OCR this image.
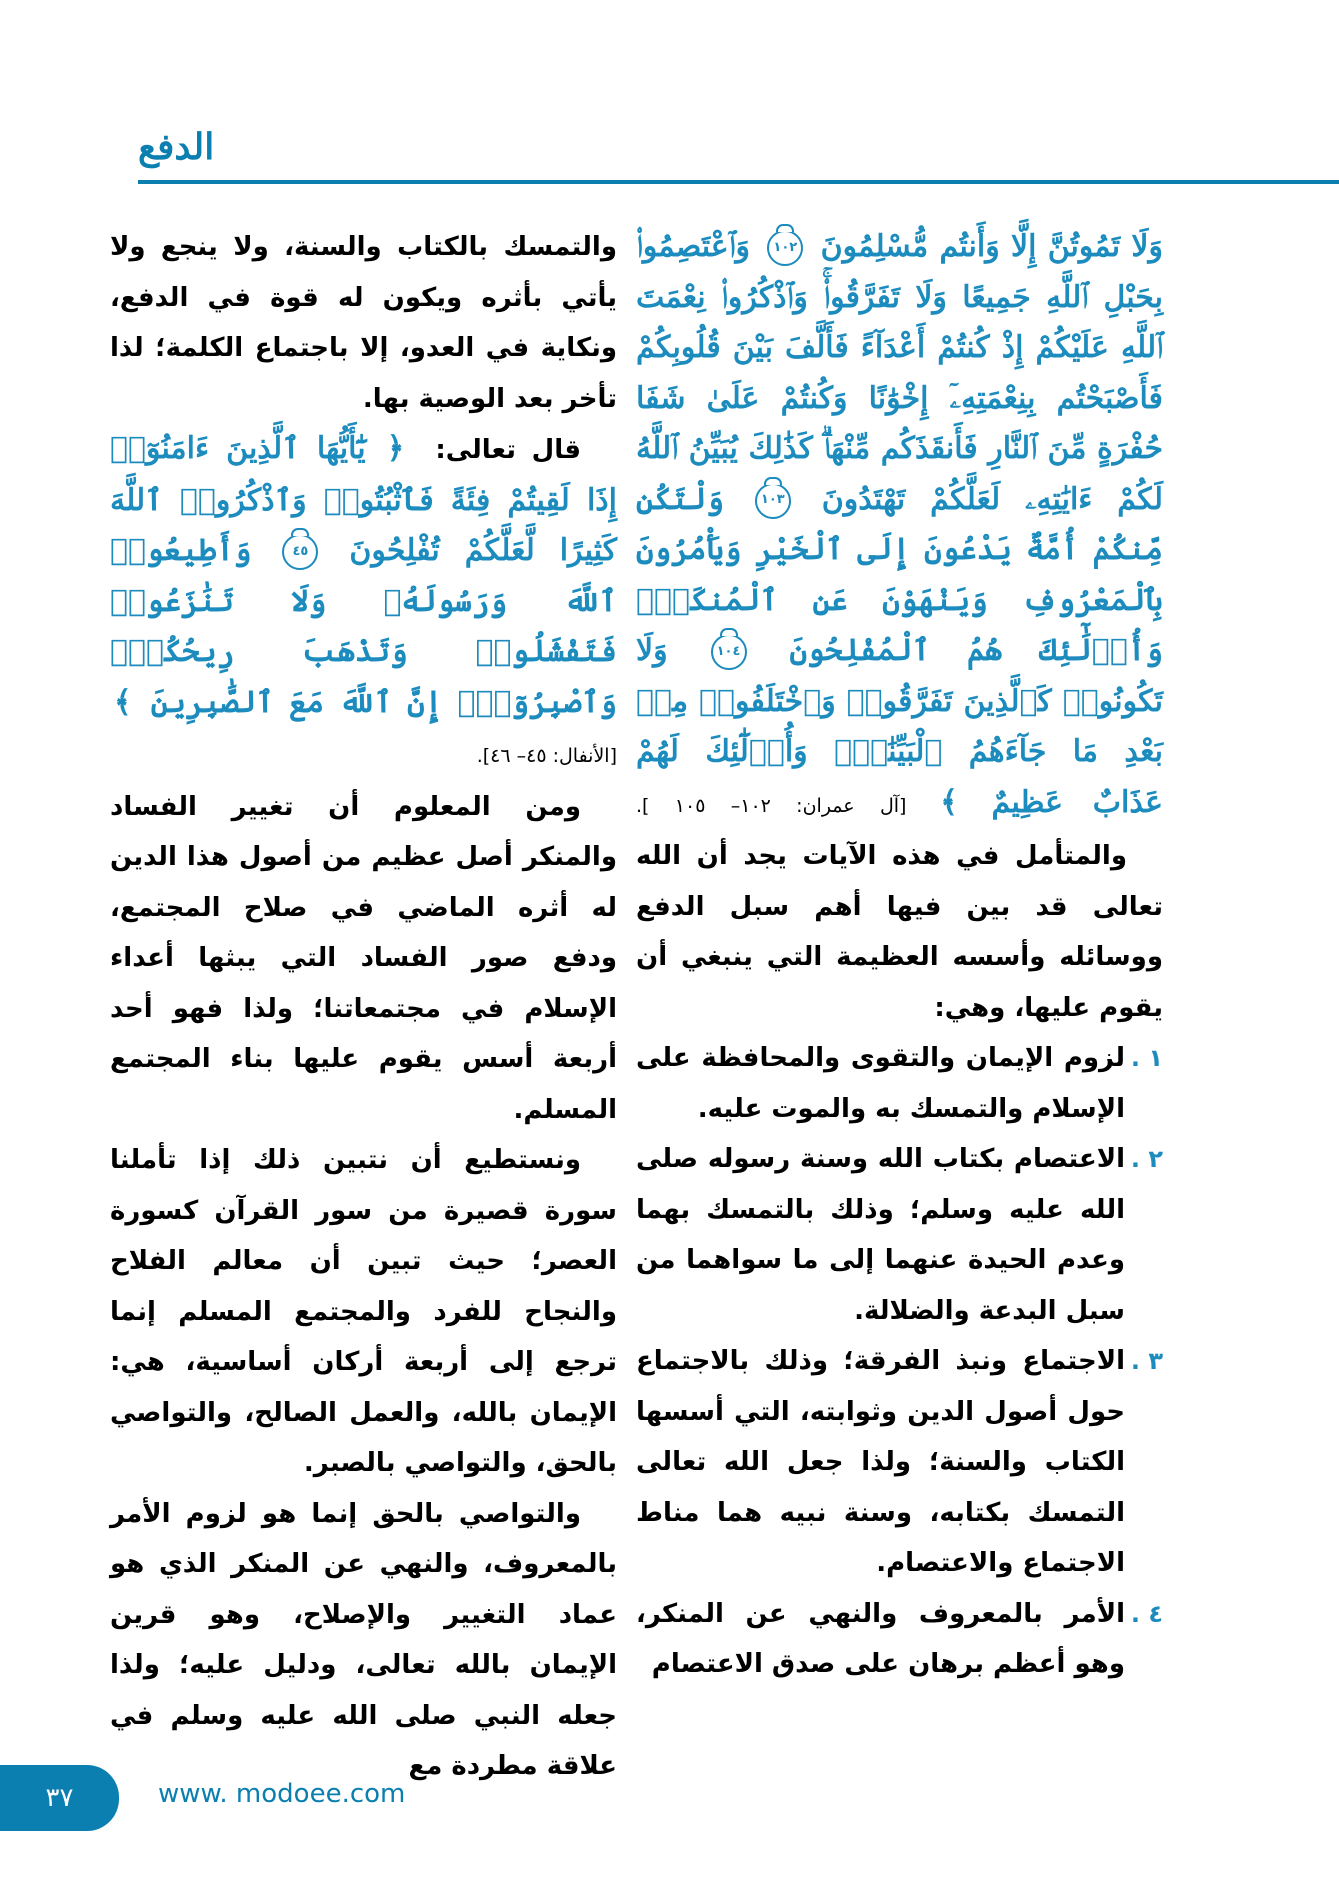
الدفع
وَلَا تَمُوتُنَّ إِلَّا وَأَنتُم مُّسْلِمُونَ ١٠٢ وَٱعْتَصِمُوا۟ بِحَبْلِ ٱللَّهِ جَمِيعًا وَلَا تَفَرَّقُوا۟ۚ وَٱذْكُرُوا۟ نِعْمَتَ ٱللَّهِ عَلَيْكُمْ إِذْ كُنتُمْ أَعْدَآءً فَأَلَّفَ بَيْنَ قُلُوبِكُمْ فَأَصْبَحْتُم بِنِعْمَتِهِۦٓ إِخْوَٰنًا وَكُنتُمْ عَلَىٰ شَفَا حُفْرَةٍ مِّنَ ٱلنَّارِ فَأَنقَذَكُم مِّنْهَاۗ كَذَٰلِكَ يُبَيِّنُ ٱللَّهُ لَكُمْ ءَايَٰتِهِۦ لَعَلَّكُمْ تَهْتَدُونَ ١٠٣ وَلْتَكُن مِّنكُمْ أُمَّةٌ يَدْعُونَ إِلَى ٱلْخَيْرِ وَيَأْمُرُونَ بِٱلْمَعْرُوفِ وَيَنْهَوْنَ عَنِ ٱلْمُنكَرِۚ وَأُو۟لَٰٓئِكَ هُمُ ٱلْمُفْلِحُونَ ١٠٤ وَلَا تَكُونُوا۟ كَٱلَّذِينَ تَفَرَّقُوا۟ وَٱخْتَلَفُوا۟ مِنۢ بَعْدِ مَا جَآءَهُمُ ٱلْبَيِّنَٰتُۚ وَأُو۟لَٰٓئِكَ لَهُمْ عَذَابٌ عَظِيمٌ ﴾ [آل عمران: ١٠٢– ١٠٥ ].

والمتأمل في هذه الآيات يجد أن الله تعالى قد بين فيها أهم سبل الدفع ووسائله وأسسه العظيمة التي ينبغي أن يقوم عليها، وهي:

١ .

لزوم الإيمان والتقوى والمحافظة على الإسلام والتمسك به والموت عليه.

٢ .

الاعتصام بكتاب الله وسنة رسوله صلى الله عليه وسلم؛ وذلك بالتمسك بهما وعدم الحيدة عنهما إلى ما سواهما من سبل البدعة والضلالة.

٣ .

الاجتماع ونبذ الفرقة؛ وذلك بالاجتماع حول أصول الدين وثوابته، التي أسسها الكتاب والسنة؛ ولذا جعل الله تعالى التمسك بكتابه، وسنة نبيه هما مناط الاجتماع والاعتصام.

٤ .

الأمر بالمعروف والنهي عن المنكر، وهو أعظم برهان على صدق الاعتصام

والتمسك بالكتاب والسنة، ولا ينجع ولا يأتي بأثره ويكون له قوة في الدفع، ونكاية في العدو، إلا باجتماع الكلمة؛ لذا تأخر بعد الوصية بها.

قال تعالى: ﴿ يَٰٓأَيُّهَا ٱلَّذِينَ ءَامَنُوٓا۟ إِذَا لَقِيتُمْ فِئَةً فَٱثْبُتُوا۟ وَٱذْكُرُوا۟ ٱللَّهَ كَثِيرًا لَّعَلَّكُمْ تُفْلِحُونَ ٤٥ وَأَطِيعُوا۟ ٱللَّهَ وَرَسُولَهُۥ وَلَا تَنَٰزَعُوا۟ فَتَفْشَلُوا۟ وَتَذْهَبَ رِيحُكُمْۖ وَٱصْبِرُوٓا۟ۚ إِنَّ ٱللَّهَ مَعَ ٱلصَّٰبِرِينَ ﴾ [الأنفال: ٤٥– ٤٦].

ومن المعلوم أن تغيير الفساد والمنكر أصل عظيم من أصول هذا الدين له أثره الماضي في صلاح المجتمع، ودفع صور الفساد التي يبثها أعداء الإسلام في مجتمعاتنا؛ ولذا فهو أحد أربعة أسس يقوم عليها بناء المجتمع المسلم.

ونستطيع أن نتبين ذلك إذا تأملنا سورة قصيرة من سور القرآن كسورة العصر؛ حيث تبين أن معالم الفلاح والنجاح للفرد والمجتمع المسلم إنما ترجع إلى أربعة أركان أساسية، هي: الإيمان بالله، والعمل الصالح، والتواصي بالحق، والتواصي بالصبر.

والتواصي بالحق إنما هو لزوم الأمر بالمعروف، والنهي عن المنكر الذي هو عماد التغيير والإصلاح، وهو قرين الإيمان بالله تعالى، ودليل عليه؛ ولذا جعله النبي صلى الله عليه وسلم في علاقة مطردة مع

٣٧	www. modoee.com
